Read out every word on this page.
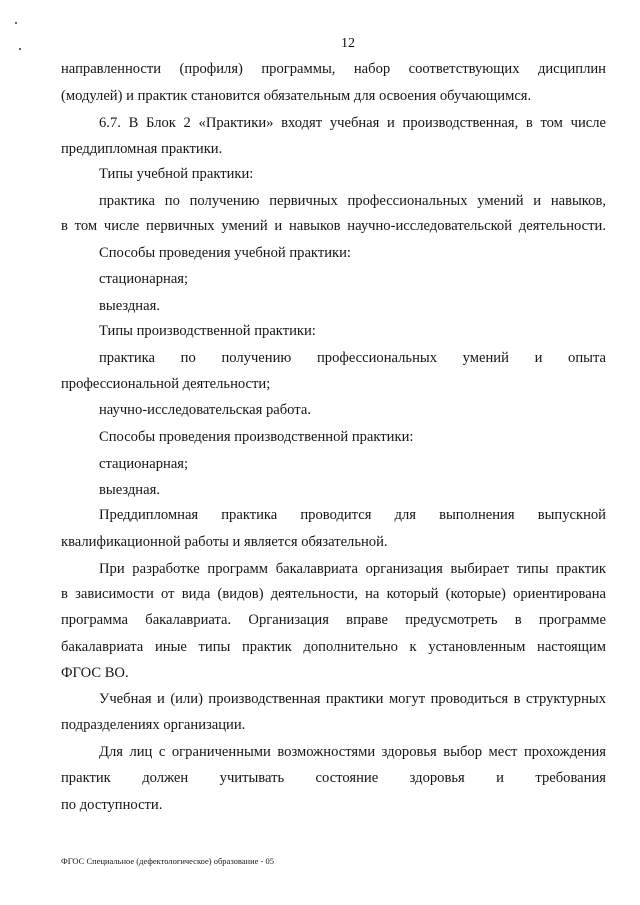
12
направленности (профиля) программы, набор соответствующих дисциплин
(модулей) и практик становится обязательным для освоения обучающимся.
6.7. В Блок 2 «Практики» входят учебная и производственная, в том числе
преддипломная практики.
Типы учебной практики:
практика по получению первичных профессиональных умений и навыков,
в том числе первичных умений и навыков научно-исследовательской деятельности.
Способы проведения учебной практики:
стационарная;
выездная.
Типы производственной практики:
практика по получению профессиональных умений и опыта
профессиональной деятельности;
научно-исследовательская работа.
Способы проведения производственной практики:
стационарная;
выездная.
Преддипломная практика проводится для выполнения выпускной
квалификационной работы и является обязательной.
При разработке программ бакалавриата организация выбирает типы практик
в зависимости от вида (видов) деятельности, на который (которые) ориентирована
программа бакалавриата. Организация вправе предусмотреть в программе
бакалавриата иные типы практик дополнительно к установленным настоящим
ФГОС ВО.
Учебная и (или) производственная практики могут проводиться в структурных
подразделениях организации.
Для лиц с ограниченными возможностями здоровья выбор мест прохождения
практик должен учитывать состояние здоровья и требования
по доступности.
ФГОС Специальное (дефектологическое) образование - 05
